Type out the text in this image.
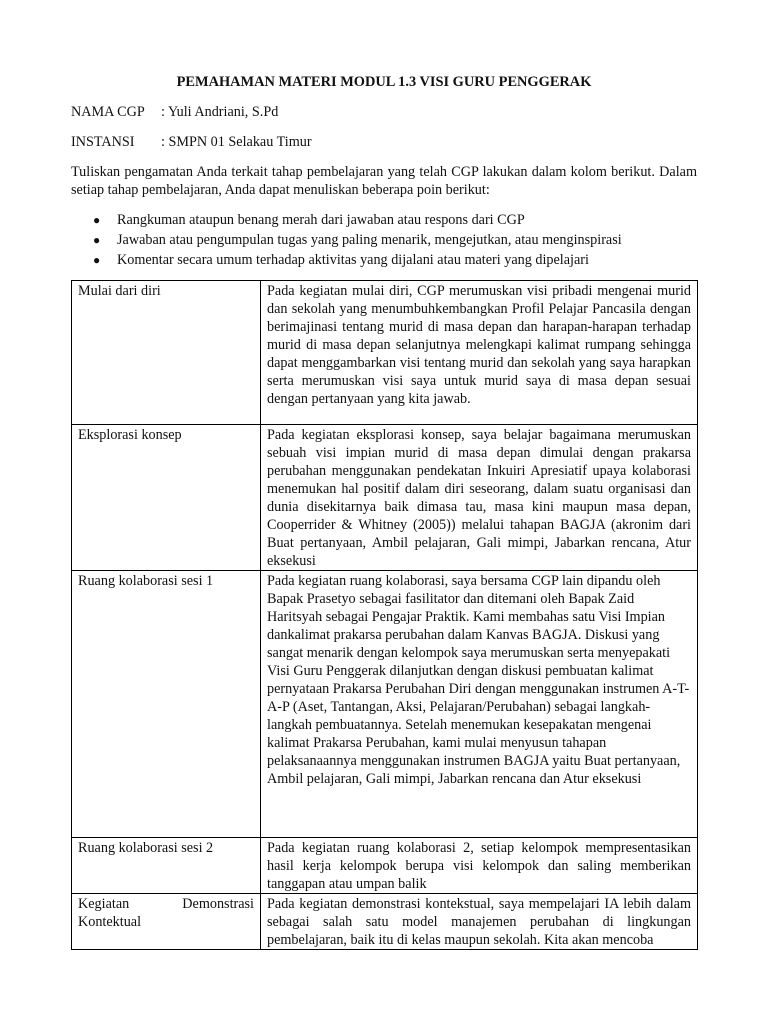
PEMAHAMAN MATERI MODUL 1.3 VISI GURU PENGGERAK
NAMA CGP : Yuli Andriani, S.Pd
INSTANSI : SMPN 01 Selakau Timur
Tuliskan pengamatan Anda terkait tahap pembelajaran yang telah CGP lakukan dalam kolom berikut. Dalam setiap tahap pembelajaran, Anda dapat menuliskan beberapa poin berikut:
● Rangkuman ataupun benang merah dari jawaban atau respons dari CGP
● Jawaban atau pengumpulan tugas yang paling menarik, mengejutkan, atau menginspirasi
● Komentar secara umum terhadap aktivitas yang dijalani atau materi yang dipelajari
Mulai dari diri	Pada kegiatan mulai diri, CGP merumuskan visi pribadi mengenai murid dan sekolah yang menumbuhkembangkan Profil Pelajar Pancasila dengan berimajinasi tentang murid di masa depan dan harapan-harapan terhadap murid di masa depan selanjutnya melengkapi kalimat rumpang sehingga dapat menggambarkan visi tentang murid dan sekolah yang saya harapkan serta merumuskan visi saya untuk murid saya di masa depan sesuai dengan pertanyaan yang kita jawab.
Eksplorasi konsep	Pada kegiatan eksplorasi konsep, saya belajar bagaimana merumuskan sebuah visi impian murid di masa depan dimulai dengan prakarsa perubahan menggunakan pendekatan Inkuiri Apresiatif upaya kolaborasi menemukan hal positif dalam diri seseorang, dalam suatu organisasi dan dunia disekitarnya baik dimasa tau, masa kini maupun masa depan, Cooperrider & Whitney (2005)) melalui tahapan BAGJA (akronim dari Buat pertanyaan, Ambil pelajaran, Gali mimpi, Jabarkan rencana, Atur eksekusi
Ruang kolaborasi sesi 1	Pada kegiatan ruang kolaborasi, saya bersama CGP lain dipandu oleh Bapak Prasetyo sebagai fasilitator dan ditemani oleh Bapak Zaid Haritsyah sebagai Pengajar Praktik. Kami membahas satu Visi Impian dankalimat prakarsa perubahan dalam Kanvas BAGJA. Diskusi yang sangat menarik dengan kelompok saya merumuskan serta menyepakati Visi Guru Penggerak dilanjutkan dengan diskusi pembuatan kalimat pernyataan Prakarsa Perubahan Diri dengan menggunakan instrumen A-T-A-P (Aset, Tantangan, Aksi, Pelajaran/Perubahan) sebagai langkah-langkah pembuatannya. Setelah menemukan kesepakatan mengenai kalimat Prakarsa Perubahan, kami mulai menyusun tahapan pelaksanaannya menggunakan instrumen BAGJA yaitu Buat pertanyaan, Ambil pelajaran, Gali mimpi, Jabarkan rencana dan Atur eksekusi
Ruang kolaborasi sesi 2	Pada kegiatan ruang kolaborasi 2, setiap kelompok mempresentasikan hasil kerja kelompok berupa visi kelompok dan saling memberikan tanggapan atau umpan balik

Kegiatan Demonstrasi
Kontektual	Pada kegiatan demonstrasi kontekstual, saya mempelajari IA lebih dalam sebagai salah satu model manajemen perubahan di lingkungan pembelajaran, baik itu di kelas maupun sekolah. Kita akan mencoba
